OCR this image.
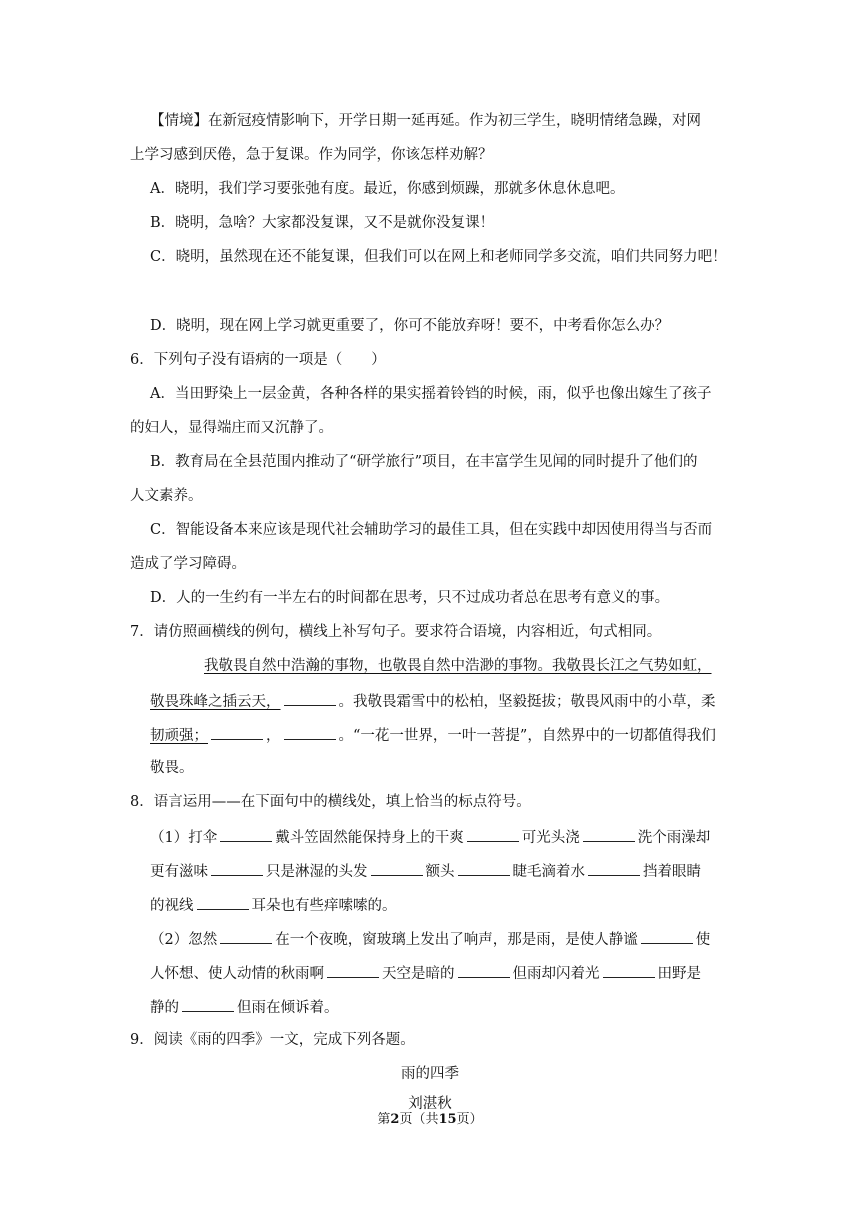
【情境】在新冠疫情影响下，开学日期一延再延。作为初三学生，晓明情绪急躁，对网
上学习感到厌倦，急于复课。作为同学，你该怎样劝解？
A．晓明，我们学习要张弛有度。最近，你感到烦躁，那就多休息休息吧。
B．晓明，急啥？大家都没复课，又不是就你没复课！
C．晓明，虽然现在还不能复课，但我们可以在网上和老师同学多交流，咱们共同努力吧！
D．晓明，现在网上学习就更重要了，你可不能放弃呀！要不，中考看你怎么办？
6．下列句子没有语病的一项是（　　）
A．当田野染上一层金黄，各种各样的果实摇着铃铛的时候，雨，似乎也像出嫁生了孩子
的妇人，显得端庄而又沉静了。
B．教育局在全县范围内推动了“研学旅行”项目，在丰富学生见闻的同时提升了他们的
人文素养。
C．智能设备本来应该是现代社会辅助学习的最佳工具，但在实践中却因使用得当与否而
造成了学习障碍。
D．人的一生约有一半左右的时间都在思考，只不过成功者总在思考有意义的事。
7．请仿照画横线的例句，横线上补写句子。要求符合语境，内容相近，句式相同。
我敬畏自然中浩瀚的事物，也敬畏自然中浩渺的事物。我敬畏长江之气势如虹，
敬畏珠峰之插云天，	。我敬畏霜雪中的松柏，坚毅挺拔；敬畏风雨中的小草，柔
韧顽强；	，	。“一花一世界，一叶一菩提”，自然界中的一切都值得我们
敬畏。
8．语言运用——在下面句中的横线处，填上恰当的标点符号。
（1）打伞	戴斗笠固然能保持身上的干爽	可光头浇	洗个雨澡却
更有滋味	只是淋湿的头发	额头	睫毛滴着水	挡着眼睛
的视线	耳朵也有些痒嗦嗦的。
（2）忽然	在一个夜晚，窗玻璃上发出了响声，那是雨，是使人静谧	使
人怀想、使人动情的秋雨啊	天空是暗的	但雨却闪着光	田野是
静的	但雨在倾诉着。
9．阅读《雨的四季》一文，完成下列各题。
雨的四季
刘湛秋
第2页（共15页）
